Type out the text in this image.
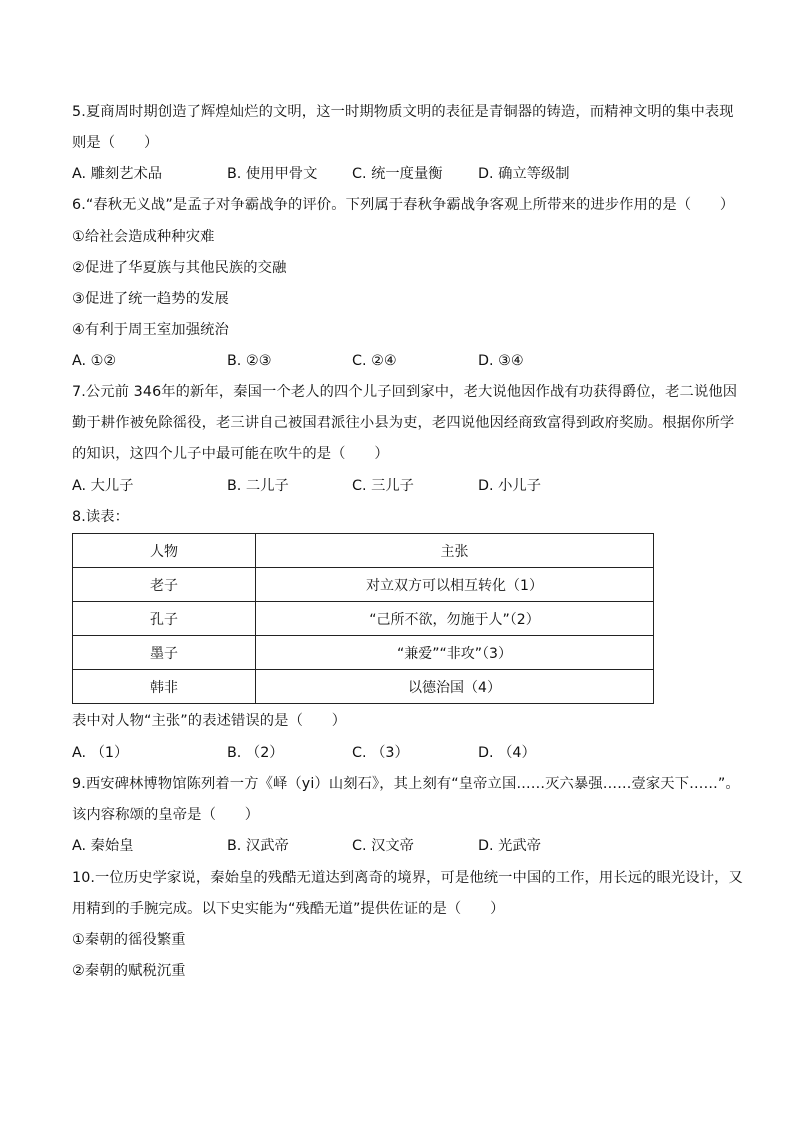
5.夏商周时期创造了辉煌灿烂的文明，这一时期物质文明的表征是青铜器的铸造，而精神文明的集中表现
则是（　　）
A. 雕刻艺术品	B. 使用甲骨文 C. 统一度量衡 D. 确立等级制
6.“春秋无义战”是孟子对争霸战争的评价。下列属于春秋争霸战争客观上所带来的进步作用的是（　　）
①给社会造成种种灾难
②促进了华夏族与其他民族的交融
③促进了统一趋势的发展
④有利于周王室加强统治
A. ①②	B. ②③	C. ②④	D. ③④
7.公元前 346年的新年，秦国一个老人的四个儿子回到家中，老大说他因作战有功获得爵位，老二说他因
勤于耕作被免除徭役，老三讲自己被国君派往小县为吏，老四说他因经商致富得到政府奖励。根据你所学
的知识，这四个儿子中最可能在吹牛的是（　　）
A. 大儿子	B. 二儿子	C. 三儿子	D. 小儿子
8.读表：
人物	主张
老子	对立双方可以相互转化（1）
孔子	“己所不欲，勿施于人”（2）
墨子	“兼爱”“非攻”（3）
韩非	以德治国（4）
表中对人物“主张”的表述错误的是（　　）
A. （1）	B. （2）	C. （3）	D. （4）
9.西安碑林博物馆陈列着一方《峄（yi）山刻石》，其上刻有“皇帝立国……灭六暴强……壹家天下……”。
该内容称颂的皇帝是（　　）
A. 秦始皇	B. 汉武帝	C. 汉文帝	D. 光武帝
10.一位历史学家说，秦始皇的残酷无道达到离奇的境界，可是他统一中国的工作，用长远的眼光设计，又
用精到的手腕完成。以下史实能为“残酷无道”提供佐证的是（　　）
①秦朝的徭役繁重
②秦朝的赋税沉重
